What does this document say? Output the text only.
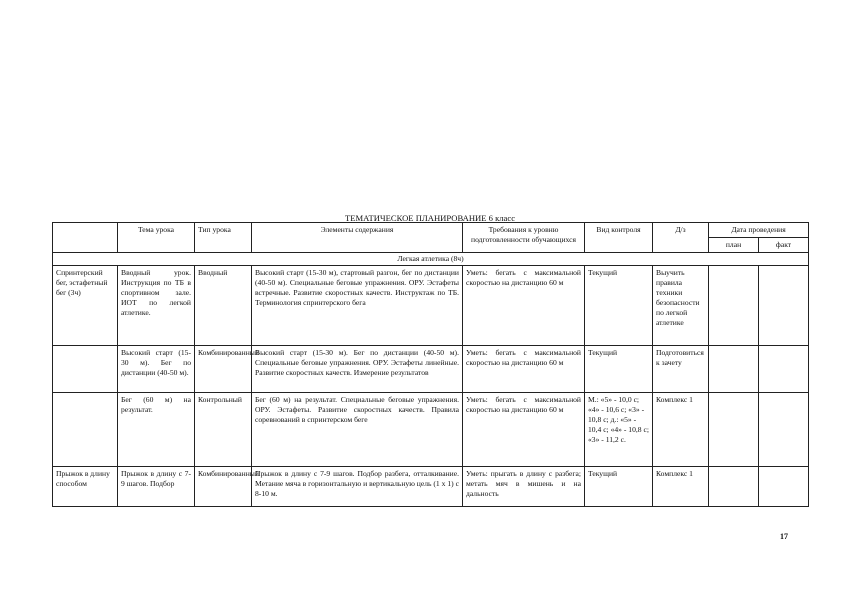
ТЕМАТИЧЕСКОЕ ПЛАНИРОВАНИЕ 6 класс
	Тема урока	Тип урока	Элементы содержания	Требования к уровню подготовленности обучающихся	Вид контроля	Д/з	Дата проведения	
							план	факт
Легкая атлетика (8ч)								
Спринтерский бег, эстафетный бег (3ч)	Вводный урок. Инструкция по ТБ в спортивном зале. ИОТ по легкой атлетике.	Вводный	Высокий старт (15-30 м), стартовый разгон, бег по дистанции (40-50 м). Специальные беговые упражнения. ОРУ. Эстафеты встречные. Развитие скоростных качеств. Инструктаж по ТБ. Терминология спринтерского бега	Уметь: бегать с максимальной скоростью на дистанцию 60 м	Текущий	Выучить правила техники безопасности по легкой атлетике		
	Высокий старт (15-30 м). Бег по дистанции (40-50 м).	Комбинированный	Высокий старт (15-30 м). Бег по дистанции (40-50 м). Специальные беговые упражнения. ОРУ. Эстафеты линейные. Развитие скоростных качеств. Измерение результатов	Уметь: бегать с максимальной скоростью на дистанцию 60 м	Текущий	Подготовиться к зачету		
	Бег (60 м) на результат.	Контрольный	Бег (60 м) на результат. Специальные беговые упражнения. ОРУ. Эстафеты. Развитие скоростных качеств. Правила соревнований в спринтерском беге	Уметь: бегать с максимальной скоростью на дистанцию 60 м	М.: «5» - 10,0 с; «4» - 10,6 с; «3» - 10,8 с; д.: «5» - 10,4 с; «4» - 10,8 с; «3» - 11,2 с.	Комплекс 1		
Прыжок в длину способом	Прыжок в длину с 7-9 шагов. Подбор	Комбинированный	Прыжок в длину с 7-9 шагов. Подбор разбега, отталкивание. Метание мяча в горизонтальную и вертикальную цель (1 х 1) с 8-10 м.	Уметь: прыгать в длину с разбега; метать мяч в мишень и на дальность	Текущий	Комплекс 1		
17
